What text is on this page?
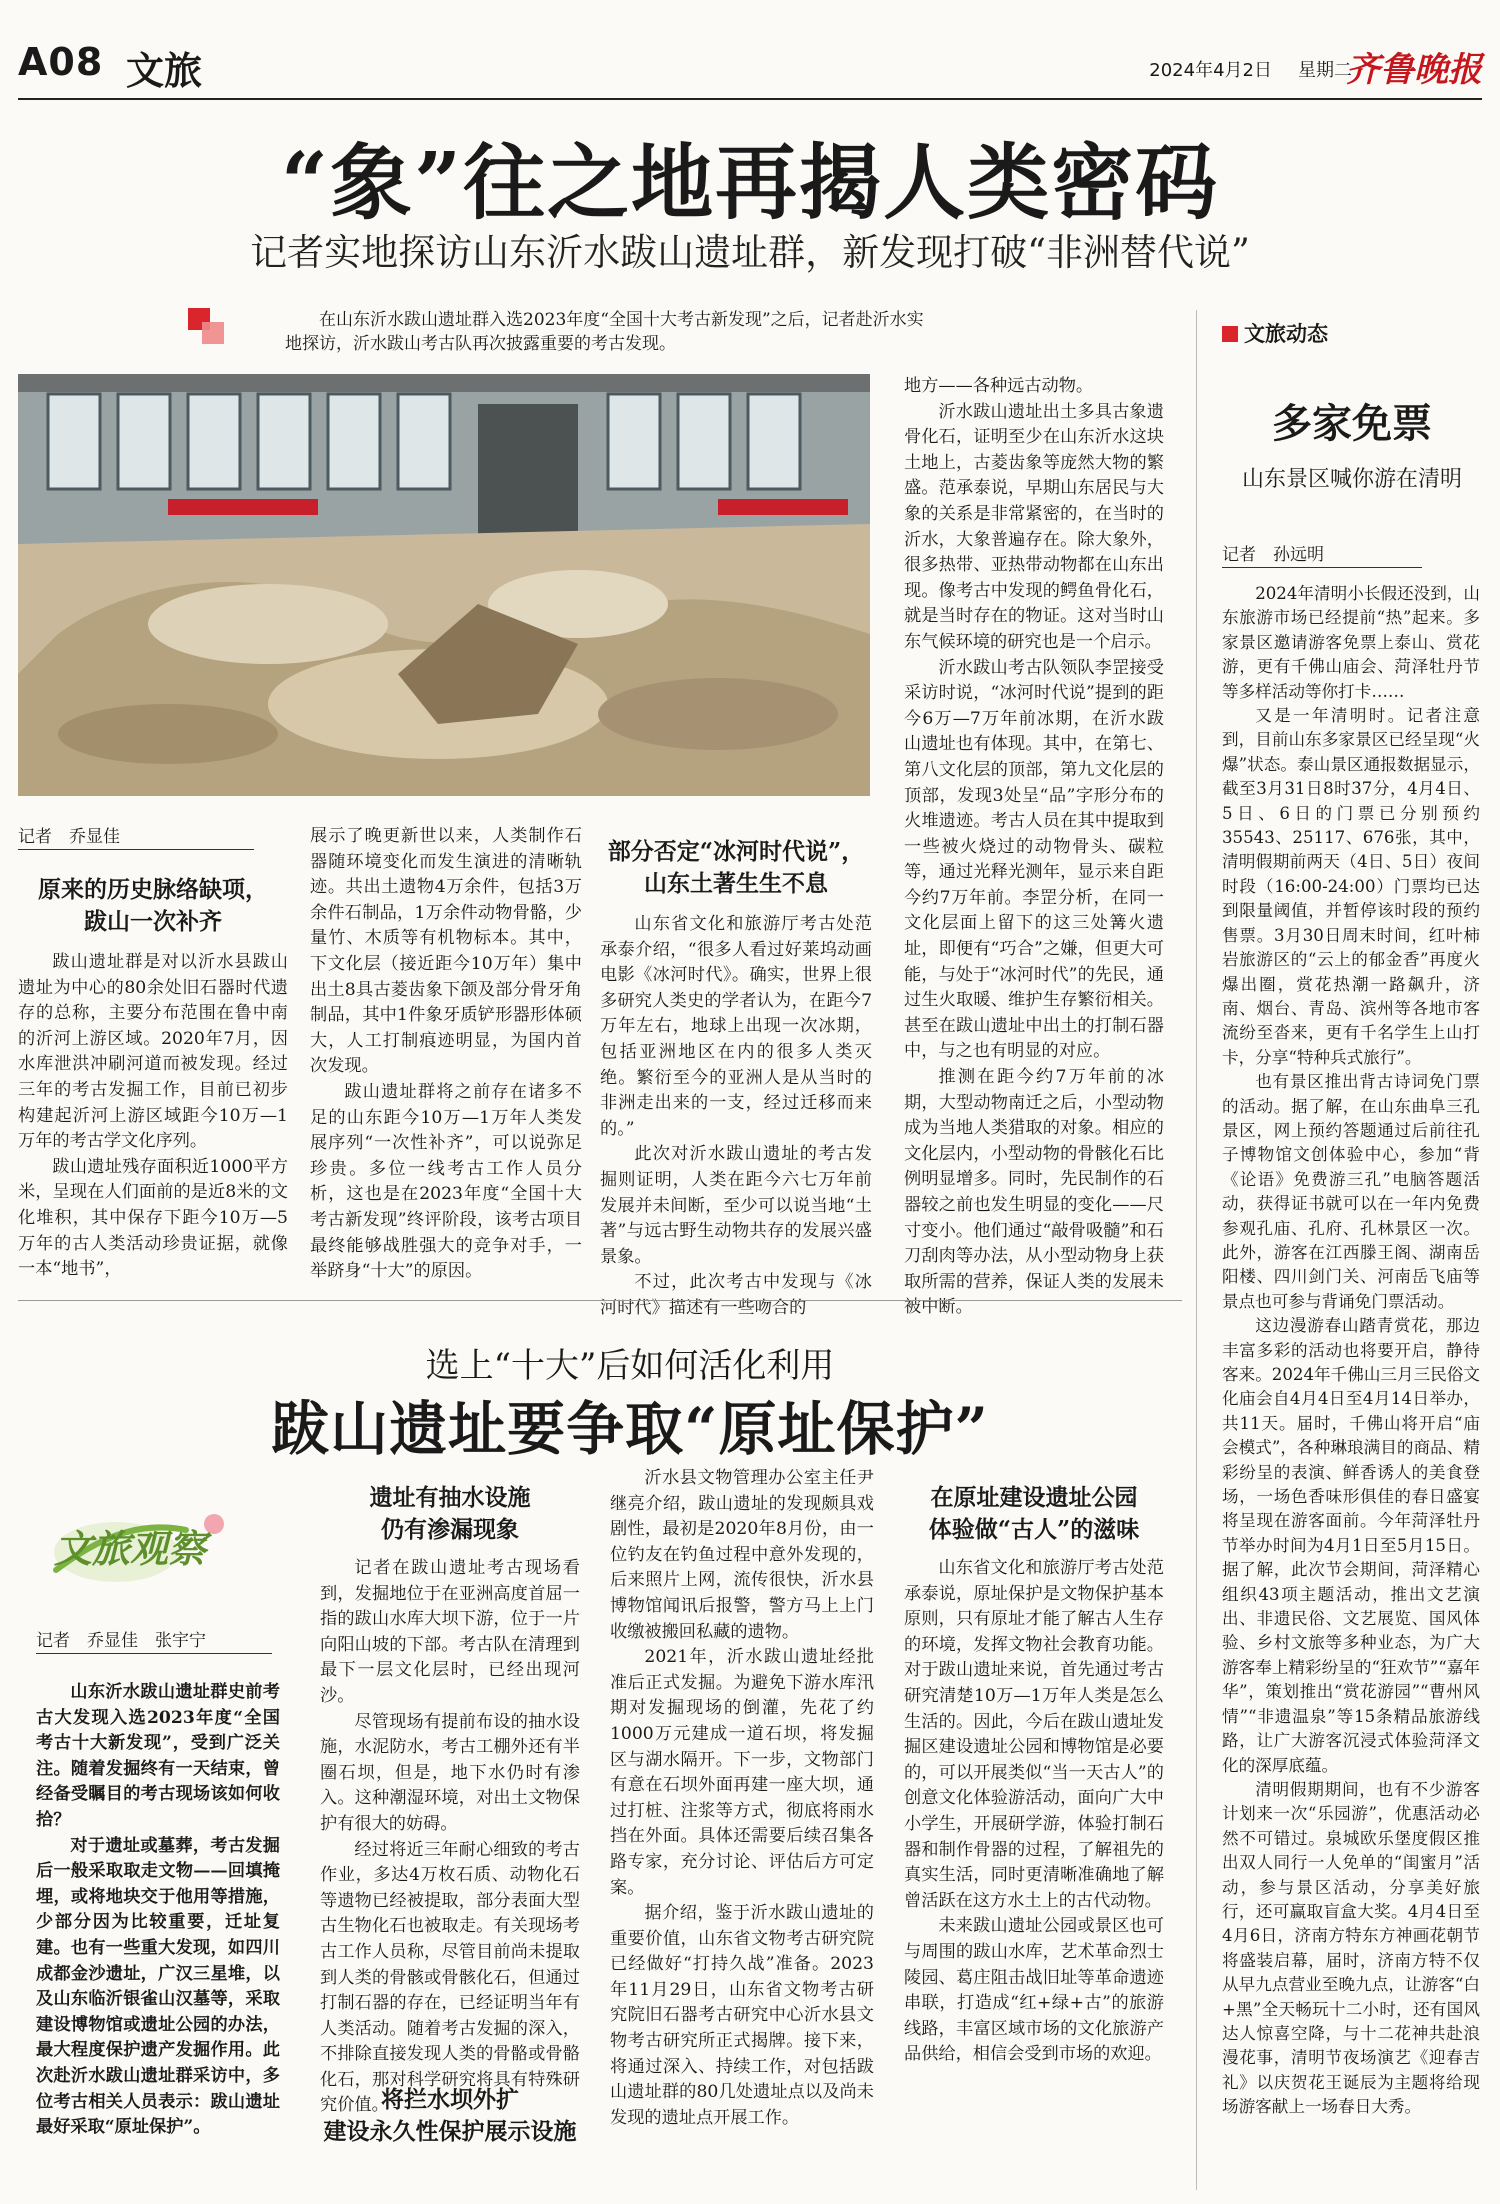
A08 文旅	2024年4月2日 星期二
齐鲁晚报
“象”往之地再揭人类密码
记者实地探访山东沂水跋山遗址群，新发现打破“非洲替代说”
在山东沂水跋山遗址群入选2023年度“全国十大考古新发现”之后，记者赴沂水实地探访，沂水跋山考古队再次披露重要的考古发现。
记者　乔显佳
原来的历史脉络缺项，
跋山一次补齐

跋山遗址群是对以沂水县跋山遗址为中心的80余处旧石器时代遗存的总称，主要分布范围在鲁中南的沂河上游区域。2020年7月，因水库泄洪冲刷河道而被发现。经过三年的考古发掘工作，目前已初步构建起沂河上游区域距今10万—1万年的考古学文化序列。

跋山遗址残存面积近1000平方米，呈现在人们面前的是近8米的文化堆积，其中保存下距今10万—5万年的古人类活动珍贵证据，就像一本“地书”，

展示了晚更新世以来，人类制作石器随环境变化而发生演进的清晰轨迹。共出土遗物4万余件，包括3万余件石制品，1万余件动物骨骼，少量竹、木质等有机物标本。其中，下文化层（接近距今10万年）集中出土8具古菱齿象下颌及部分骨牙角制品，其中1件象牙质铲形器形体硕大，人工打制痕迹明显，为国内首次发现。

跋山遗址群将之前存在诸多不足的山东距今10万—1万年人类发展序列“一次性补齐”，可以说弥足珍贵。多位一线考古工作人员分析，这也是在2023年度“全国十大考古新发现”终评阶段，该考古项目最终能够战胜强大的竞争对手，一举跻身“十大”的原因。

部分否定“冰河时代说”，山东土著生生不息

山东省文化和旅游厅考古处范承泰介绍，“很多人看过好莱坞动画电影《冰河时代》。确实，世界上很多研究人类史的学者认为，在距今7万年左右，地球上出现一次冰期，包括亚洲地区在内的很多人类灭绝。繁衍至今的亚洲人是从当时的非洲走出来的一支，经过迁移而来的。”

此次对沂水跋山遗址的考古发掘则证明，人类在距今六七万年前发展并未间断，至少可以说当地“土著”与远古野生动物共存的发展兴盛景象。

不过，此次考古中发现与《冰河时代》描述有一些吻合的

地方——各种远古动物。

沂水跋山遗址出土多具古象遗骨化石，证明至少在山东沂水这块土地上，古菱齿象等庞然大物的繁盛。范承泰说，早期山东居民与大象的关系是非常紧密的，在当时的沂水，大象普遍存在。除大象外，很多热带、亚热带动物都在山东出现。像考古中发现的鳄鱼骨化石，就是当时存在的物证。这对当时山东气候环境的研究也是一个启示。

沂水跋山考古队领队李罡接受采访时说，“冰河时代说”提到的距今6万—7万年前冰期，在沂水跋山遗址也有体现。其中，在第七、第八文化层的顶部，第九文化层的顶部，发现3处呈“品”字形分布的火堆遗迹。考古人员在其中提取到一些被火烧过的动物骨头、碳粒等，通过光释光测年，显示来自距今约7万年前。李罡分析，在同一文化层面上留下的这三处篝火遗址，即便有“巧合”之嫌，但更大可能，与处于“冰河时代”的先民，通过生火取暖、维护生存繁衍相关。甚至在跋山遗址中出土的打制石器中，与之也有明显的对应。

推测在距今约7万年前的冰期，大型动物南迁之后，小型动物成为当地人类猎取的对象。相应的文化层内，小型动物的骨骸化石比例明显增多。同时，先民制作的石器较之前也发生明显的变化——尺寸变小。他们通过“敲骨吸髓”和石刀刮肉等办法，从小型动物身上获取所需的营养，保证人类的发展未被中断。

选上“十大”后如何活化利用
跋山遗址要争取“原址保护”
文旅观察
记者　乔显佳　张宇宁

山东沂水跋山遗址群史前考古大发现入选2023年度“全国考古十大新发现”，受到广泛关注。随着发掘终有一天结束，曾经备受瞩目的考古现场该如何收拾？

对于遗址或墓葬，考古发掘后一般采取取走文物——回填掩埋，或将地块交于他用等措施，少部分因为比较重要，迁址复建。也有一些重大发现，如四川成都金沙遗址，广汉三星堆，以及山东临沂银雀山汉墓等，采取建设博物馆或遗址公园的办法，最大程度保护遗产发掘作用。此次赴沂水跋山遗址群采访中，多位考古相关人员表示：跋山遗址最好采取“原址保护”。

遗址有抽水设施
仍有渗漏现象

记者在跋山遗址考古现场看到，发掘地位于在亚洲高度首屈一指的跋山水库大坝下游，位于一片向阳山坡的下部。考古队在清理到最下一层文化层时，已经出现河沙。

尽管现场有提前布设的抽水设施，水泥防水，考古工棚外还有半圈石坝，但是，地下水仍时有渗入。这种潮湿环境，对出土文物保护有很大的妨碍。

经过将近三年耐心细致的考古作业，多达4万枚石质、动物化石等遗物已经被提取，部分表面大型古生物化石也被取走。有关现场考古工作人员称，尽管目前尚未提取到人类的骨骸或骨骸化石，但通过打制石器的存在，已经证明当年有人类活动。随着考古发掘的深入，不排除直接发现人类的骨骼或骨骼化石，那对科学研究将具有特殊研究价值。

将拦水坝外扩
建设永久性保护展示设施

沂水县文物管理办公室主任尹继亮介绍，跋山遗址的发现颇具戏剧性，最初是2020年8月份，由一位钓友在钓鱼过程中意外发现的，后来照片上网，流传很快，沂水县博物馆闻讯后报警，警方马上上门收缴被搬回私藏的遗物。

2021年，沂水跋山遗址经批准后正式发掘。为避免下游水库汛期对发掘现场的倒灌，先花了约1000万元建成一道石坝，将发掘区与湖水隔开。下一步，文物部门有意在石坝外面再建一座大坝，通过打桩、注浆等方式，彻底将雨水挡在外面。具体还需要后续召集各路专家，充分讨论、评估后方可定案。

据介绍，鉴于沂水跋山遗址的重要价值，山东省文物考古研究院已经做好“打持久战”准备。2023年11月29日，山东省文物考古研究院旧石器考古研究中心沂水县文物考古研究所正式揭牌。接下来，将通过深入、持续工作，对包括跋山遗址群的80几处遗址点以及尚未发现的遗址点开展工作。

在原址建设遗址公园
体验做“古人”的滋味

山东省文化和旅游厅考古处范承泰说，原址保护是文物保护基本原则，只有原址才能了解古人生存的环境，发挥文物社会教育功能。对于跋山遗址来说，首先通过考古研究清楚10万—1万年人类是怎么生活的。因此，今后在跋山遗址发掘区建设遗址公园和博物馆是必要的，可以开展类似“当一天古人”的创意文化体验游活动，面向广大中小学生，开展研学游，体验打制石器和制作骨器的过程，了解祖先的真实生活，同时更清晰准确地了解曾活跃在这方水土上的古代动物。

未来跋山遗址公园或景区也可与周围的跋山水库，艺术革命烈士陵园、葛庄阻击战旧址等革命遗迹串联，打造成“红+绿+古”的旅游线路，丰富区域市场的文化旅游产品供给，相信会受到市场的欢迎。

文旅动态
多家免票
山东景区喊你游在清明
记者　孙远明

2024年清明小长假还没到，山东旅游市场已经提前“热”起来。多家景区邀请游客免票上泰山、赏花游，更有千佛山庙会、菏泽牡丹节等多样活动等你打卡……

又是一年清明时。记者注意到，目前山东多家景区已经呈现“火爆”状态。泰山景区通报数据显示，截至3月31日8时37分，4月4日、5日、6日的门票已分别预约35543、25117、676张，其中，清明假期前两天（4日、5日）夜间时段（16:00-24:00）门票均已达到限量阈值，并暂停该时段的预约售票。3月30日周末时间，红叶柿岩旅游区的“云上的郁金香”再度火爆出圈，赏花热潮一路飙升，济南、烟台、青岛、滨州等各地市客流纷至沓来，更有千名学生上山打卡，分享“特种兵式旅行”。

也有景区推出背古诗词免门票的活动。据了解，在山东曲阜三孔景区，网上预约答题通过后前往孔子博物馆文创体验中心，参加“背《论语》免费游三孔”电脑答题活动，获得证书就可以在一年内免费参观孔庙、孔府、孔林景区一次。此外，游客在江西滕王阁、湖南岳阳楼、四川剑门关、河南岳飞庙等景点也可参与背诵免门票活动。

这边漫游春山踏青赏花，那边丰富多彩的活动也将要开启，静待客来。2024年千佛山三月三民俗文化庙会自4月4日至4月14日举办，共11天。届时，千佛山将开启“庙会模式”，各种琳琅满目的商品、精彩纷呈的表演、鲜香诱人的美食登场，一场色香味形俱佳的春日盛宴将呈现在游客面前。今年菏泽牡丹节举办时间为4月1日至5月15日。据了解，此次节会期间，菏泽精心组织43项主题活动，推出文艺演出、非遗民俗、文艺展览、国风体验、乡村文旅等多种业态，为广大游客奉上精彩纷呈的“狂欢节”“嘉年华”，策划推出“赏花游园”“曹州风情”“非遗温泉”等15条精品旅游线路，让广大游客沉浸式体验菏泽文化的深厚底蕴。

清明假期期间，也有不少游客计划来一次“乐园游”，优惠活动必然不可错过。泉城欧乐堡度假区推出双人同行一人免单的“闺蜜月”活动，参与景区活动，分享美好旅行，还可赢取盲盒大奖。4月4日至4月6日，济南方特东方神画花朝节将盛装启幕，届时，济南方特不仅从早九点营业至晚九点，让游客“白+黑”全天畅玩十二小时，还有国风达人惊喜空降，与十二花神共赴浪漫花事，清明节夜场演艺《迎春吉礼》以庆贺花王诞辰为主题将给现场游客献上一场春日大秀。
